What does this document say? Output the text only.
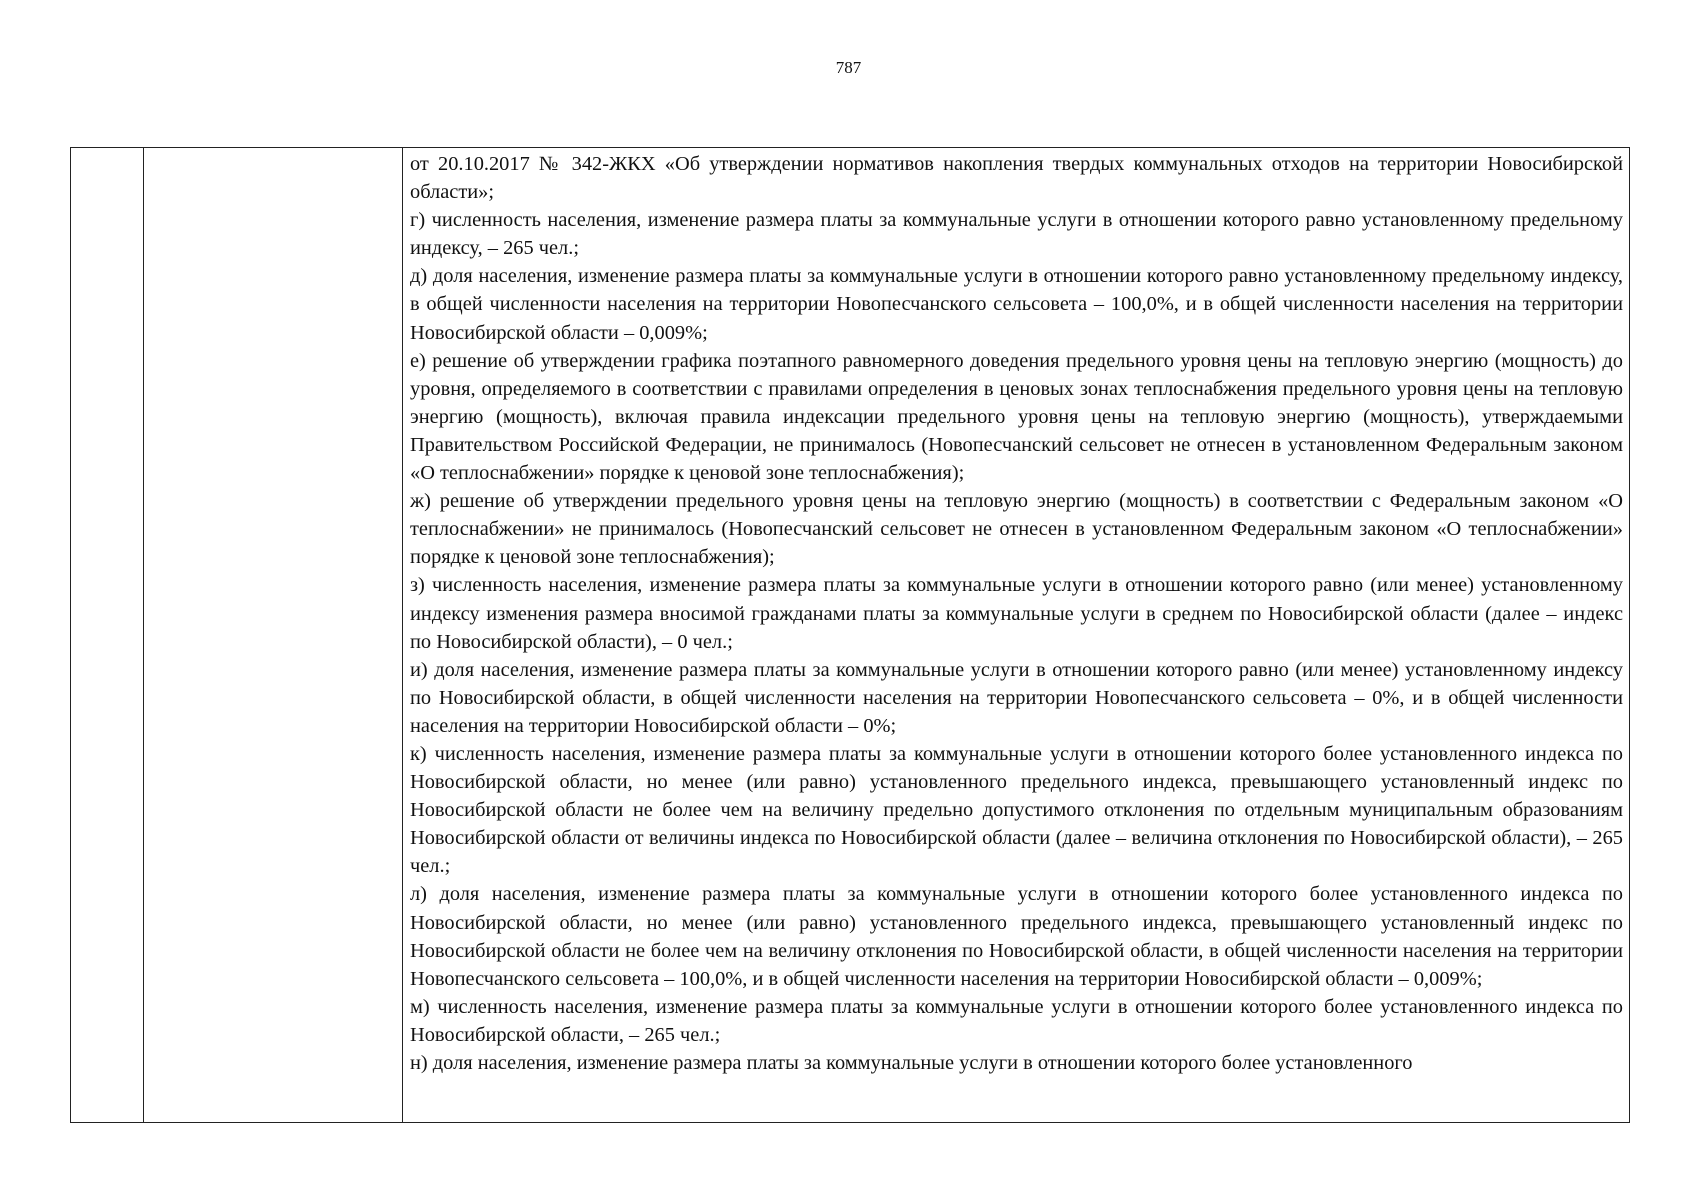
787

от 20.10.2017 № 342-ЖКХ «Об утверждении нормативов накопления твердых коммунальных отходов на территории Новосибирской области»;

г) численность населения, изменение размера платы за коммунальные услуги в отношении которого равно установленному предельному индексу, – 265 чел.;

д) доля населения, изменение размера платы за коммунальные услуги в отношении которого равно установленному предельному индексу, в общей численности населения на территории Новопесчанского сельсовета – 100,0%, и в общей численности населения на территории Новосибирской области – 0,009%;

е) решение об утверждении графика поэтапного равномерного доведения предельного уровня цены на тепловую энергию (мощность) до уровня, определяемого в соответствии с правилами определения в ценовых зонах теплоснабжения предельного уровня цены на тепловую энергию (мощность), включая правила индексации предельного уровня цены на тепловую энергию (мощность), утверждаемыми Правительством Российской Федерации, не принималось (Новопесчанский сельсовет не отнесен в установленном Федеральным законом «О теплоснабжении» порядке к ценовой зоне теплоснабжения);

ж) решение об утверждении предельного уровня цены на тепловую энергию (мощность) в соответствии с Федеральным законом «О теплоснабжении» не принималось (Новопесчанский сельсовет не отнесен в установленном Федеральным законом «О теплоснабжении» порядке к ценовой зоне теплоснабжения);

з) численность населения, изменение размера платы за коммунальные услуги в отношении которого равно (или менее) установленному индексу изменения размера вносимой гражданами платы за коммунальные услуги в среднем по Новосибирской области (далее – индекс по Новосибирской области), – 0 чел.;

и) доля населения, изменение размера платы за коммунальные услуги в отношении которого равно (или менее) установленному индексу по Новосибирской области, в общей численности населения на территории Новопесчанского сельсовета – 0%, и в общей численности населения на территории Новосибирской области – 0%;

к) численность населения, изменение размера платы за коммунальные услуги в отношении которого более установленного индекса по Новосибирской области, но менее (или равно) установленного предельного индекса, превышающего установленный индекс по Новосибирской области не более чем на величину предельно допустимого отклонения по отдельным муниципальным образованиям Новосибирской области от величины индекса по Новосибирской области (далее – величина отклонения по Новосибирской области), – 265 чел.;

л) доля населения, изменение размера платы за коммунальные услуги в отношении которого более установленного индекса по Новосибирской области, но менее (или равно) установленного предельного индекса, превышающего установленный индекс по Новосибирской области не более чем на величину отклонения по Новосибирской области, в общей численности населения на территории Новопесчанского сельсовета – 100,0%, и в общей численности населения на территории Новосибирской области – 0,009%;

м) численность населения, изменение размера платы за коммунальные услуги в отношении которого более установленного индекса по Новосибирской области, – 265 чел.;

н) доля населения, изменение размера платы за коммунальные услуги в отношении которого более установленного
